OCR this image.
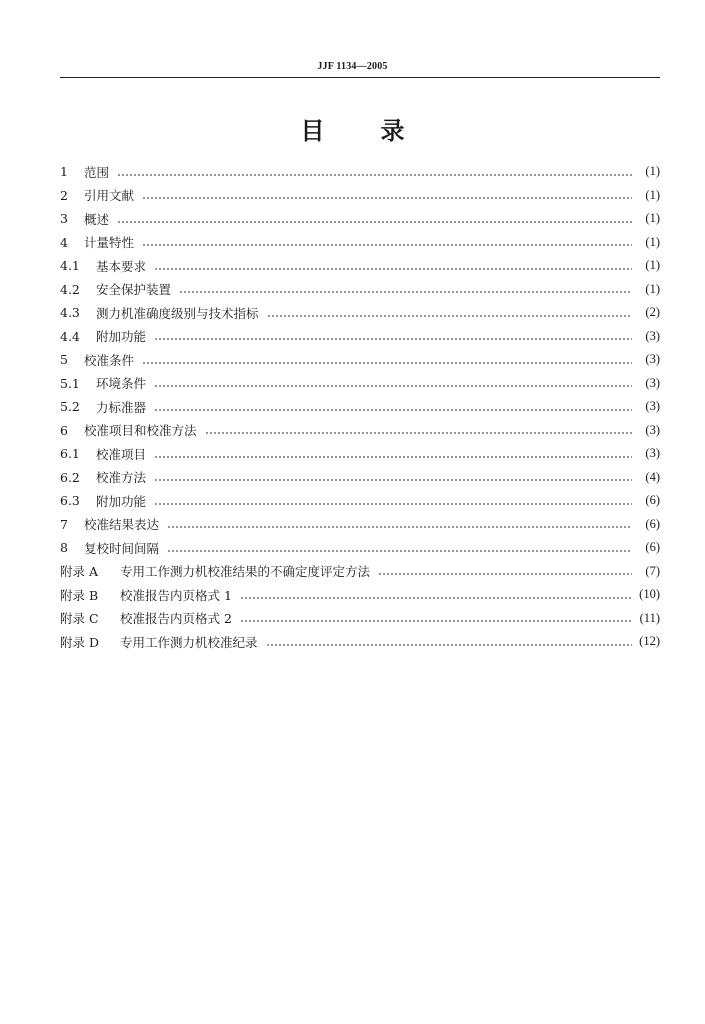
JJF 1134—2005
目 录
1	范围	(1)
2	引用文献	(1)
3	概述	(1)
4	计量特性	(1)
4.1	基本要求	(1)
4.2	安全保护装置	(1)
4.3	测力机准确度级别与技术指标	(2)
4.4	附加功能	(3)
5	校准条件	(3)
5.1	环境条件	(3)
5.2	力标准器	(3)
6	校准项目和校准方法	(3)
6.1	校准项目	(3)
6.2	校准方法	(4)
6.3	附加功能	(6)
7	校准结果表达	(6)
8	复校时间间隔	(6)
附录 A	专用工作测力机校准结果的不确定度评定方法	(7)
附录 B	校准报告内页格式 1	(10)
附录 C	校准报告内页格式 2	(11)
附录 D	专用工作测力机校准纪录	(12)
